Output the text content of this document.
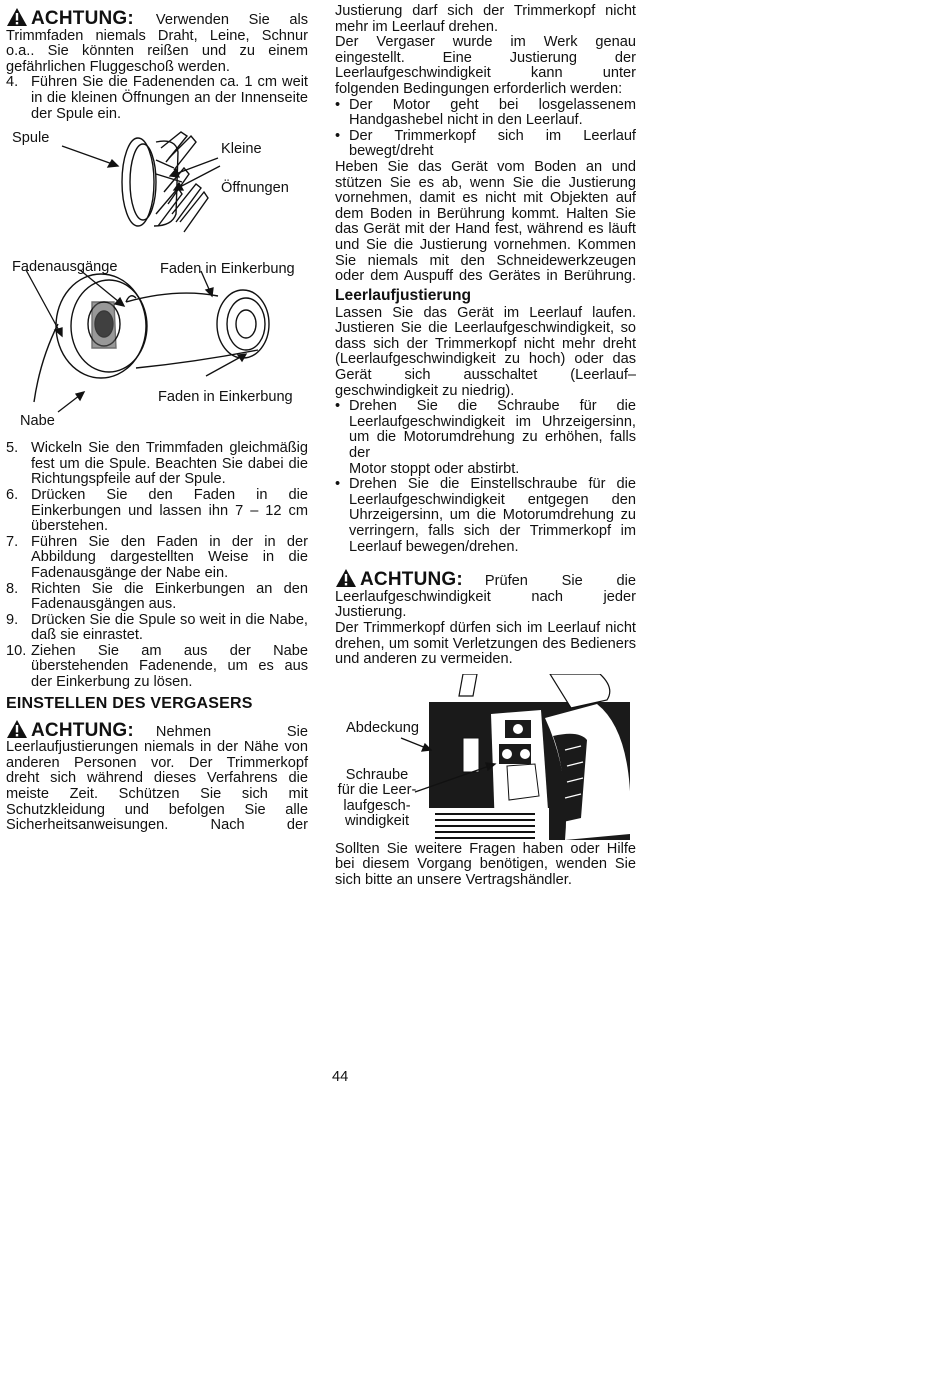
ACHTUNG: Verwenden Sie als

Trimmfaden niemals Draht, Leine, Schnur

o.a.. Sie könnten reißen und zu einem

gefährlichen Fluggeschoß werden.

4. Führen Sie die Fadenenden ca. 1 cm weit

in die kleinen Öffnungen an der Innenseite

der Spule ein.

Spule
Kleine
Öffnungen
Fadenausgänge	Faden in Einkerbung
Faden in Einkerbung
Nabe
5. Wickeln Sie den Trimmfaden gleichmäßig

fest um die Spule. Beachten Sie dabei die

Richtungspfeile auf der Spule.

6. Drücken Sie den Faden in die

Einkerbungen und lassen ihn 7 – 12 cm

überstehen.

7. Führen Sie den Faden in der in der

Abbildung dargestellten Weise in die

Fadenausgänge der Nabe ein.

8. Richten Sie die Einkerbungen an den

Fadenausgängen aus.

9. Drücken Sie die Spule so weit in die Nabe,

daß sie einrastet.

10. Ziehen Sie am aus der Nabe

überstehenden Fadenende, um es aus

der Einkerbung zu lösen.

EINSTELLEN DES VERGASERS
ACHTUNG: Nehmen Sie

Leerlaufjustierungen niemals in der Nähe von

anderen Personen vor. Der Trimmerkopf

dreht sich während dieses Verfahrens die

meiste Zeit. Schützen Sie sich mit

Schutzkleidung und befolgen Sie alle

Sicherheitsanweisungen. Nach der

Justierung darf sich der Trimmerkopf nicht

mehr im Leerlauf drehen.

Der Vergaser wurde im Werk genau

eingestellt. Eine Justierung der

Leerlaufgeschwindigkeit kann unter

folgenden Bedingungen erforderlich werden:

• Der Motor geht bei losgelassenem

Handgashebel nicht in den Leerlauf.

• Der Trimmerkopf sich im Leerlauf

bewegt/dreht

Heben Sie das Gerät vom Boden an und

stützen Sie es ab, wenn Sie die Justierung

vornehmen, damit es nicht mit Objekten auf

dem Boden in Berührung kommt. Halten Sie

das Gerät mit der Hand fest, während es läuft

und Sie die Justierung vornehmen. Kommen

Sie niemals mit den Schneidewerkzeugen

oder dem Auspuff des Gerätes in Berührung.

Leerlaufjustierung

Lassen Sie das Gerät im Leerlauf laufen.

Justieren Sie die Leerlaufgeschwindigkeit, so

dass sich der Trimmerkopf nicht mehr dreht

(Leerlaufgeschwindigkeit zu hoch) oder das

Gerät sich ausschaltet (Leerlauf–

geschwindigkeit zu niedrig).

• Drehen Sie die Schraube für die

Leerlaufgeschwindigkeit im Uhrzeigersinn,

um die Motorumdrehung zu erhöhen, falls der

Motor stoppt oder abstirbt.

• Drehen Sie die Einstellschraube für die

Leerlaufgeschwindigkeit entgegen den

Uhrzeigersinn, um die Motorumdrehung zu

verringern, falls sich der Trimmerkopf im

Leerlauf bewegen/drehen.

ACHTUNG: Prüfen Sie die

Leerlaufgeschwindigkeit nach jeder Justierung.

Der Trimmerkopf dürfen sich im Leerlauf nicht

drehen, um somit Verletzungen des Bedieners

und anderen zu vermeiden.

Abdeckung
Schraube
für die Leer-
laufgesch-
windigkeit

Sollten Sie weitere Fragen haben oder Hilfe

bei diesem Vorgang benötigen, wenden Sie

sich bitte an unsere Vertragshändler.

44
